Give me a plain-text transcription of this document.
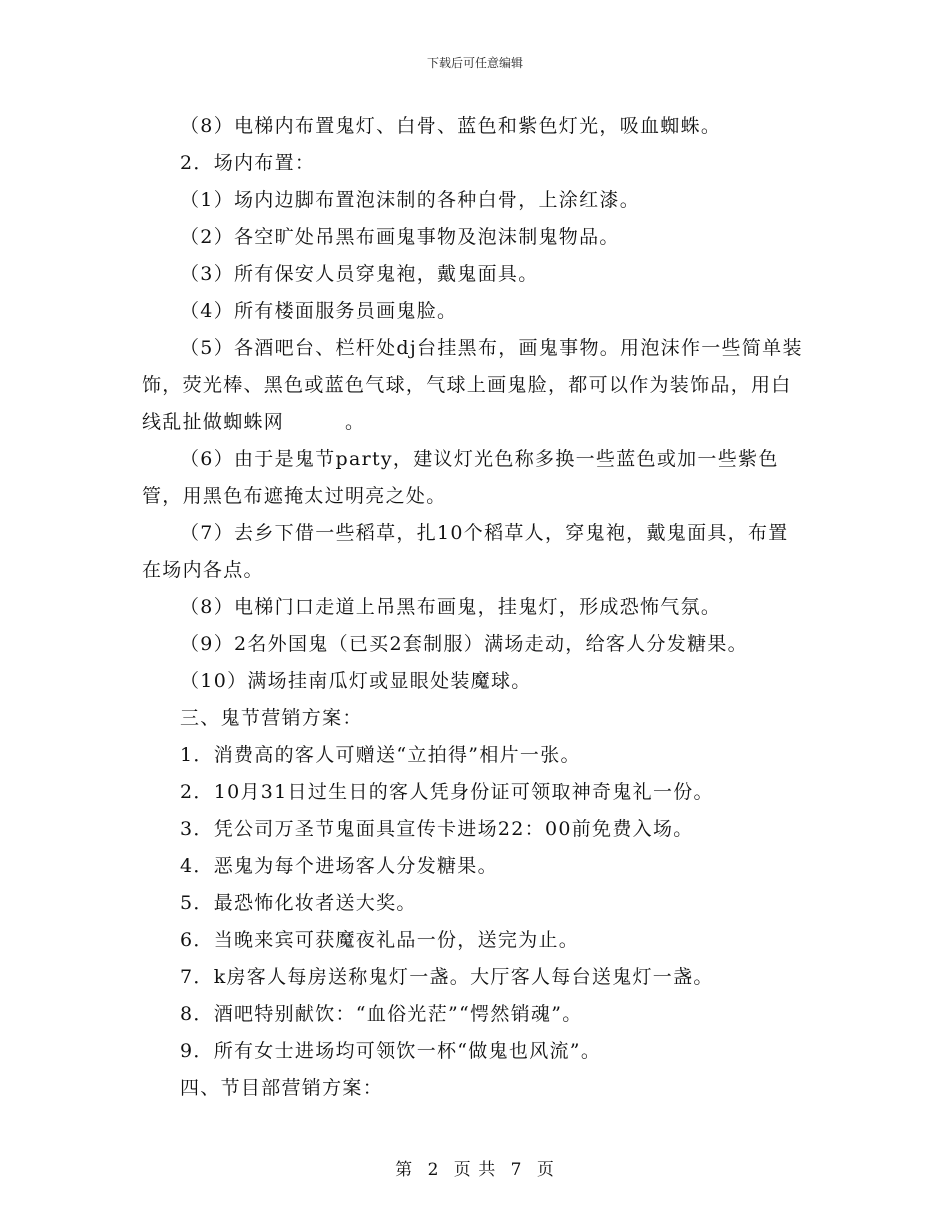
下载后可任意编辑

（8）电梯内布置鬼灯、白骨、蓝色和紫色灯光，吸血蜘蛛。

2．场内布置：

（1）场内边脚布置泡沫制的各种白骨，上涂红漆。

（2）各空旷处吊黑布画鬼事物及泡沫制鬼物品。

（3）所有保安人员穿鬼袍，戴鬼面具。

（4）所有楼面服务员画鬼脸。

（5）各酒吧台、栏杆处dj台挂黑布，画鬼事物。用泡沫作一些简单装饰，荧光棒、黑色或蓝色气球，气球上画鬼脸，都可以作为装饰品，用白线乱扯做蜘蛛网　　　。

（6）由于是鬼节party，建议灯光色称多换一些蓝色或加一些紫色管，用黑色布遮掩太过明亮之处。

（7）去乡下借一些稻草，扎10个稻草人，穿鬼袍，戴鬼面具，布置在场内各点。

（8）电梯门口走道上吊黑布画鬼，挂鬼灯，形成恐怖气氛。

（9）2名外国鬼（已买2套制服）满场走动，给客人分发糖果。

（10）满场挂南瓜灯或显眼处装魔球。

三、鬼节营销方案：

1．消费高的客人可赠送“立拍得”相片一张。

2．10月31日过生日的客人凭身份证可领取神奇鬼礼一份。

3．凭公司万圣节鬼面具宣传卡进场22：00前免费入场。

4．恶鬼为每个进场客人分发糖果。

5．最恐怖化妆者送大奖。

6．当晚来宾可获魔夜礼品一份，送完为止。

7．k房客人每房送称鬼灯一盏。大厅客人每台送鬼灯一盏。

8．酒吧特别献饮：“血俗光茫”“愕然销魂”。

9．所有女士进场均可领饮一杯“做鬼也风流”。

四、节目部营销方案：

第 2 页 共 7 页
